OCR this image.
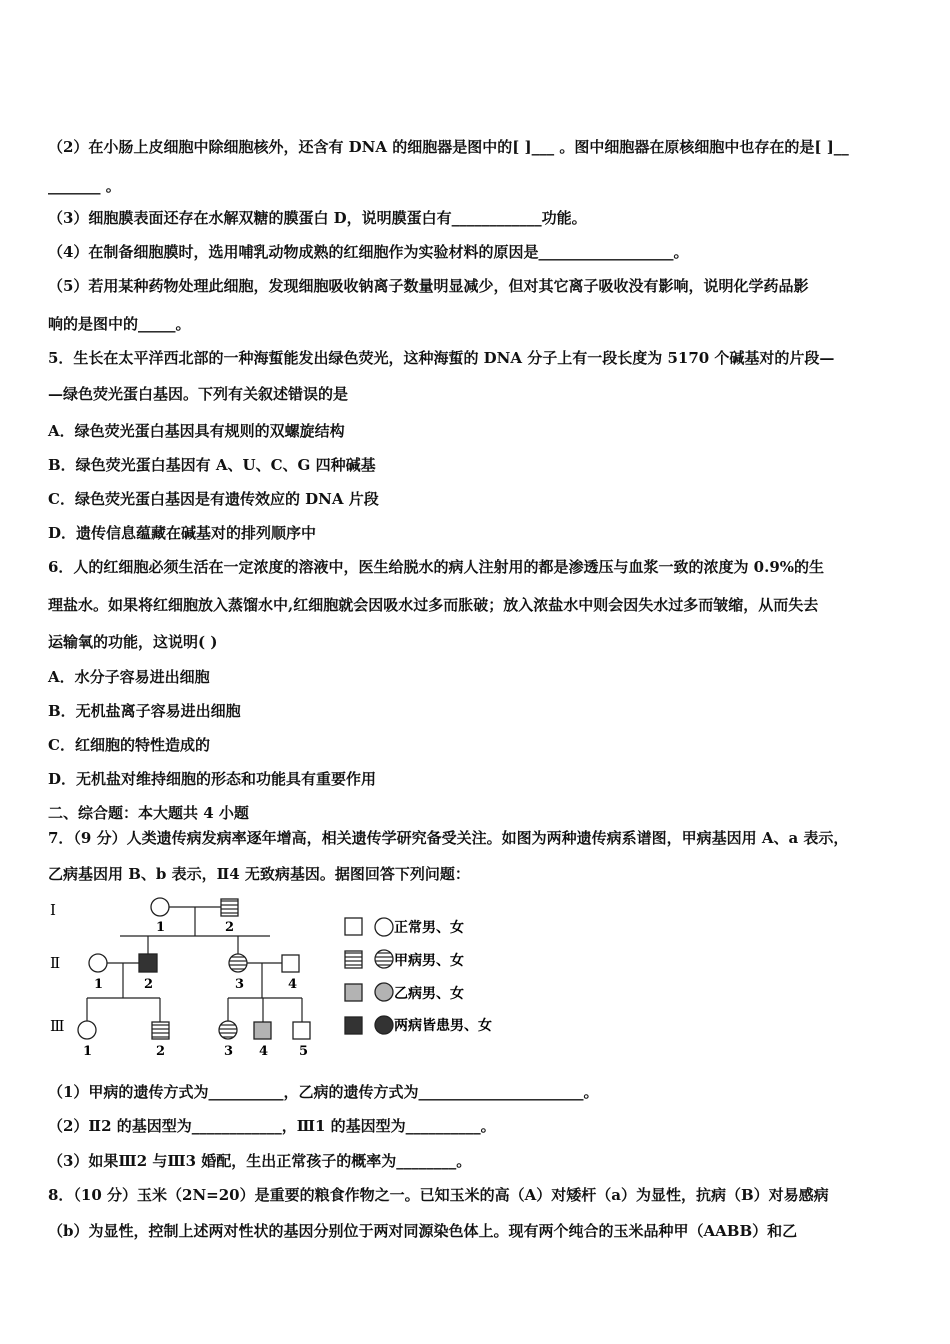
（2）在小肠上皮细胞中除细胞核外，还含有 DNA 的细胞器是图中的[ ]___ 。图中细胞器在原核细胞中也存在的是[ ]__
_______ 。
（3）细胞膜表面还存在水解双糖的膜蛋白 D，说明膜蛋白有____________功能。
（4）在制备细胞膜时，选用哺乳动物成熟的红细胞作为实验材料的原因是__________________。
（5）若用某种药物处理此细胞，发现细胞吸收钠离子数量明显减少，但对其它离子吸收没有影响，说明化学药品影
响的是图中的_____。
5．生长在太平洋西北部的一种海蜇能发出绿色荧光，这种海蜇的 DNA 分子上有一段长度为 5170 个碱基对的片段—
—绿色荧光蛋白基因。下列有关叙述错误的是
A．绿色荧光蛋白基因具有规则的双螺旋结构
B．绿色荧光蛋白基因有 A、U、C、G 四种碱基
C．绿色荧光蛋白基因是有遗传效应的 DNA 片段
D．遗传信息蕴藏在碱基对的排列顺序中
6．人的红细胞必须生活在一定浓度的溶液中，医生给脱水的病人注射用的都是渗透压与血浆一致的浓度为 0.9%的生
理盐水。如果将红细胞放入蒸馏水中,红细胞就会因吸水过多而胀破；放入浓盐水中则会因失水过多而皱缩，从而失去
运输氧的功能，这说明( )
A．水分子容易进出细胞
B．无机盐离子容易进出细胞
C．红细胞的特性造成的
D．无机盐对维持细胞的形态和功能具有重要作用
二、综合题：本大题共 4 小题
7．（9 分）人类遗传病发病率逐年增高，相关遗传学研究备受关注。如图为两种遗传病系谱图，甲病基因用 A、a 表示，
乙病基因用 B、b 表示，Ⅱ4 无致病基因。据图回答下列问题：
Ⅰ
Ⅱ
Ⅲ
1	2
1	2	3	4
1	2	3 4 5
正常男、女
甲病男、女
乙病男、女
两病皆患男、女
（1）甲病的遗传方式为__________，乙病的遗传方式为______________________。
（2）Ⅱ2 的基因型为____________，Ⅲ1 的基因型为__________。
（3）如果Ⅲ2 与Ⅲ3 婚配，生出正常孩子的概率为________。
8．（10 分）玉米（2N=20）是重要的粮食作物之一。已知玉米的高（A）对矮杆（a）为显性，抗病（B）对易感病
（b）为显性，控制上述两对性状的基因分别位于两对同源染色体上。现有两个纯合的玉米品种甲（AABB）和乙
